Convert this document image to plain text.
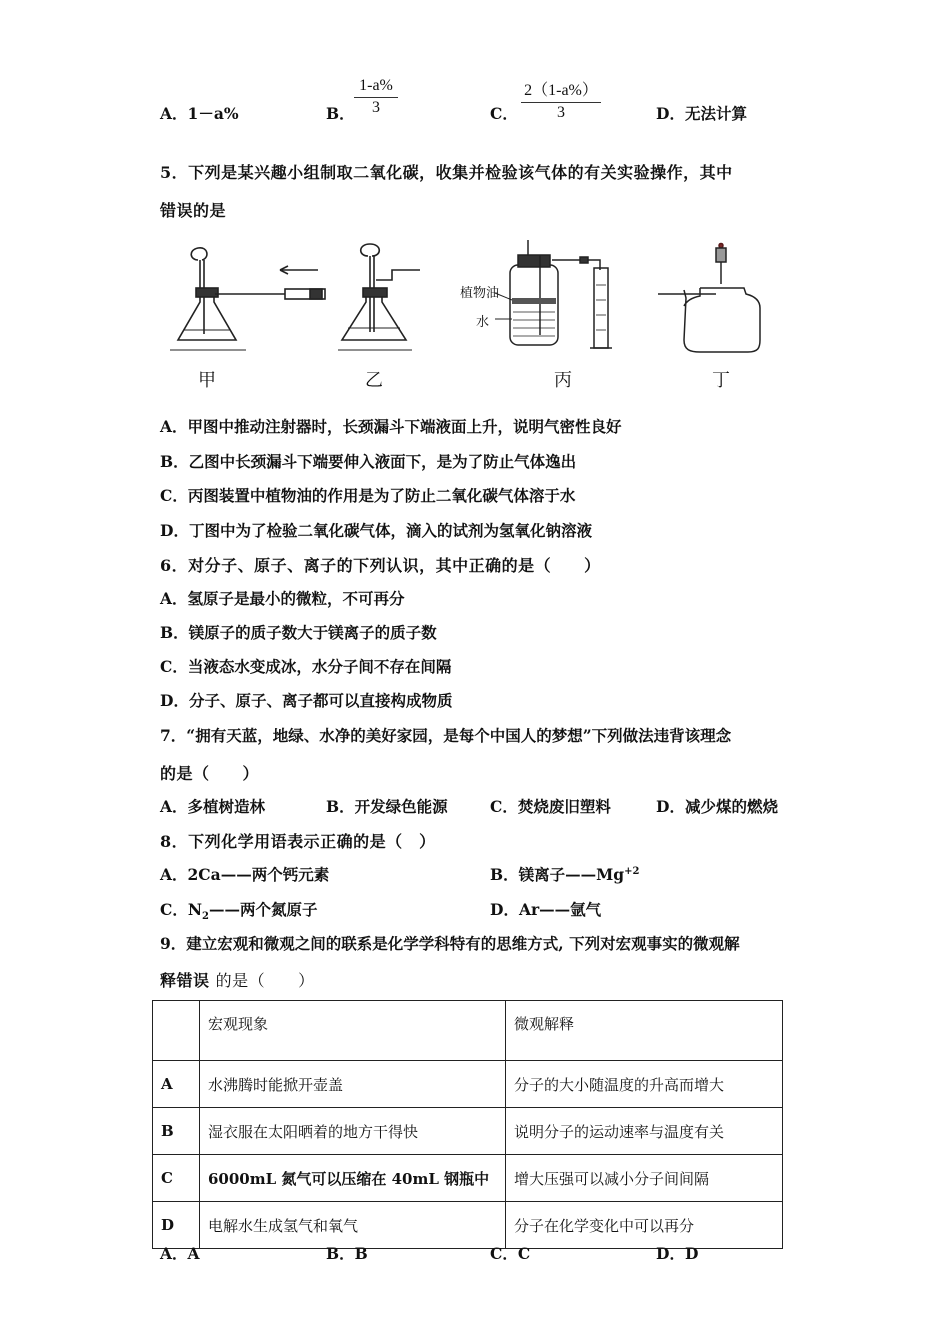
A．1－a%	B． $\frac{1-a\%}{3}$	C． $\frac{2(1-a\%)}{3}$	D．无法计算
5．下列是某兴趣小组制取二氧化碳，收集并检验该气体的有关实验操作，其中
错误的是
植物油
水
甲	乙	丙	丁
A．甲图中推动注射器时，长颈漏斗下端液面上升，说明气密性良好
B．乙图中长颈漏斗下端要伸入液面下，是为了防止气体逸出
C．丙图装置中植物油的作用是为了防止二氧化碳气体溶于水
D．丁图中为了检验二氧化碳气体，滴入的试剂为氢氧化钠溶液
6．对分子、原子、离子的下列认识，其中正确的是（　　）
A．氢原子是最小的微粒，不可再分
B．镁原子的质子数大于镁离子的质子数
C．当液态水变成冰，水分子间不存在间隔
D．分子、原子、离子都可以直接构成物质
7．“拥有天蓝，地绿、水净的美好家园，是每个中国人的梦想”下列做法违背该理念
的是（　　）
A．多植树造林	B．开发绿色能源	C．焚烧废旧塑料	D．减少煤的燃烧
8．下列化学用语表示正确的是（　）
A．2Ca——两个钙元素	B．镁离子$——Mg^{+2}$
C．$N_2——$两个氮原子	D．Ar——氩气
9．建立宏观和微观之间的联系是化学学科特有的思维方式, 下列对宏观事实的微观解
释错误 的是（　　）
	宏观现象	微观解释
A	水沸腾时能掀开壶盖	分子的大小随温度的升高而增大
B	湿衣服在太阳晒着的地方干得快	说明分子的运动速率与温度有关
C	6000mL 氮气可以压缩在 40mL 钢瓶中	增大压强可以减小分子间间隔
D	电解水生成氢气和氧气	分子在化学变化中可以再分
A．A	B．B	C．C	D．D
